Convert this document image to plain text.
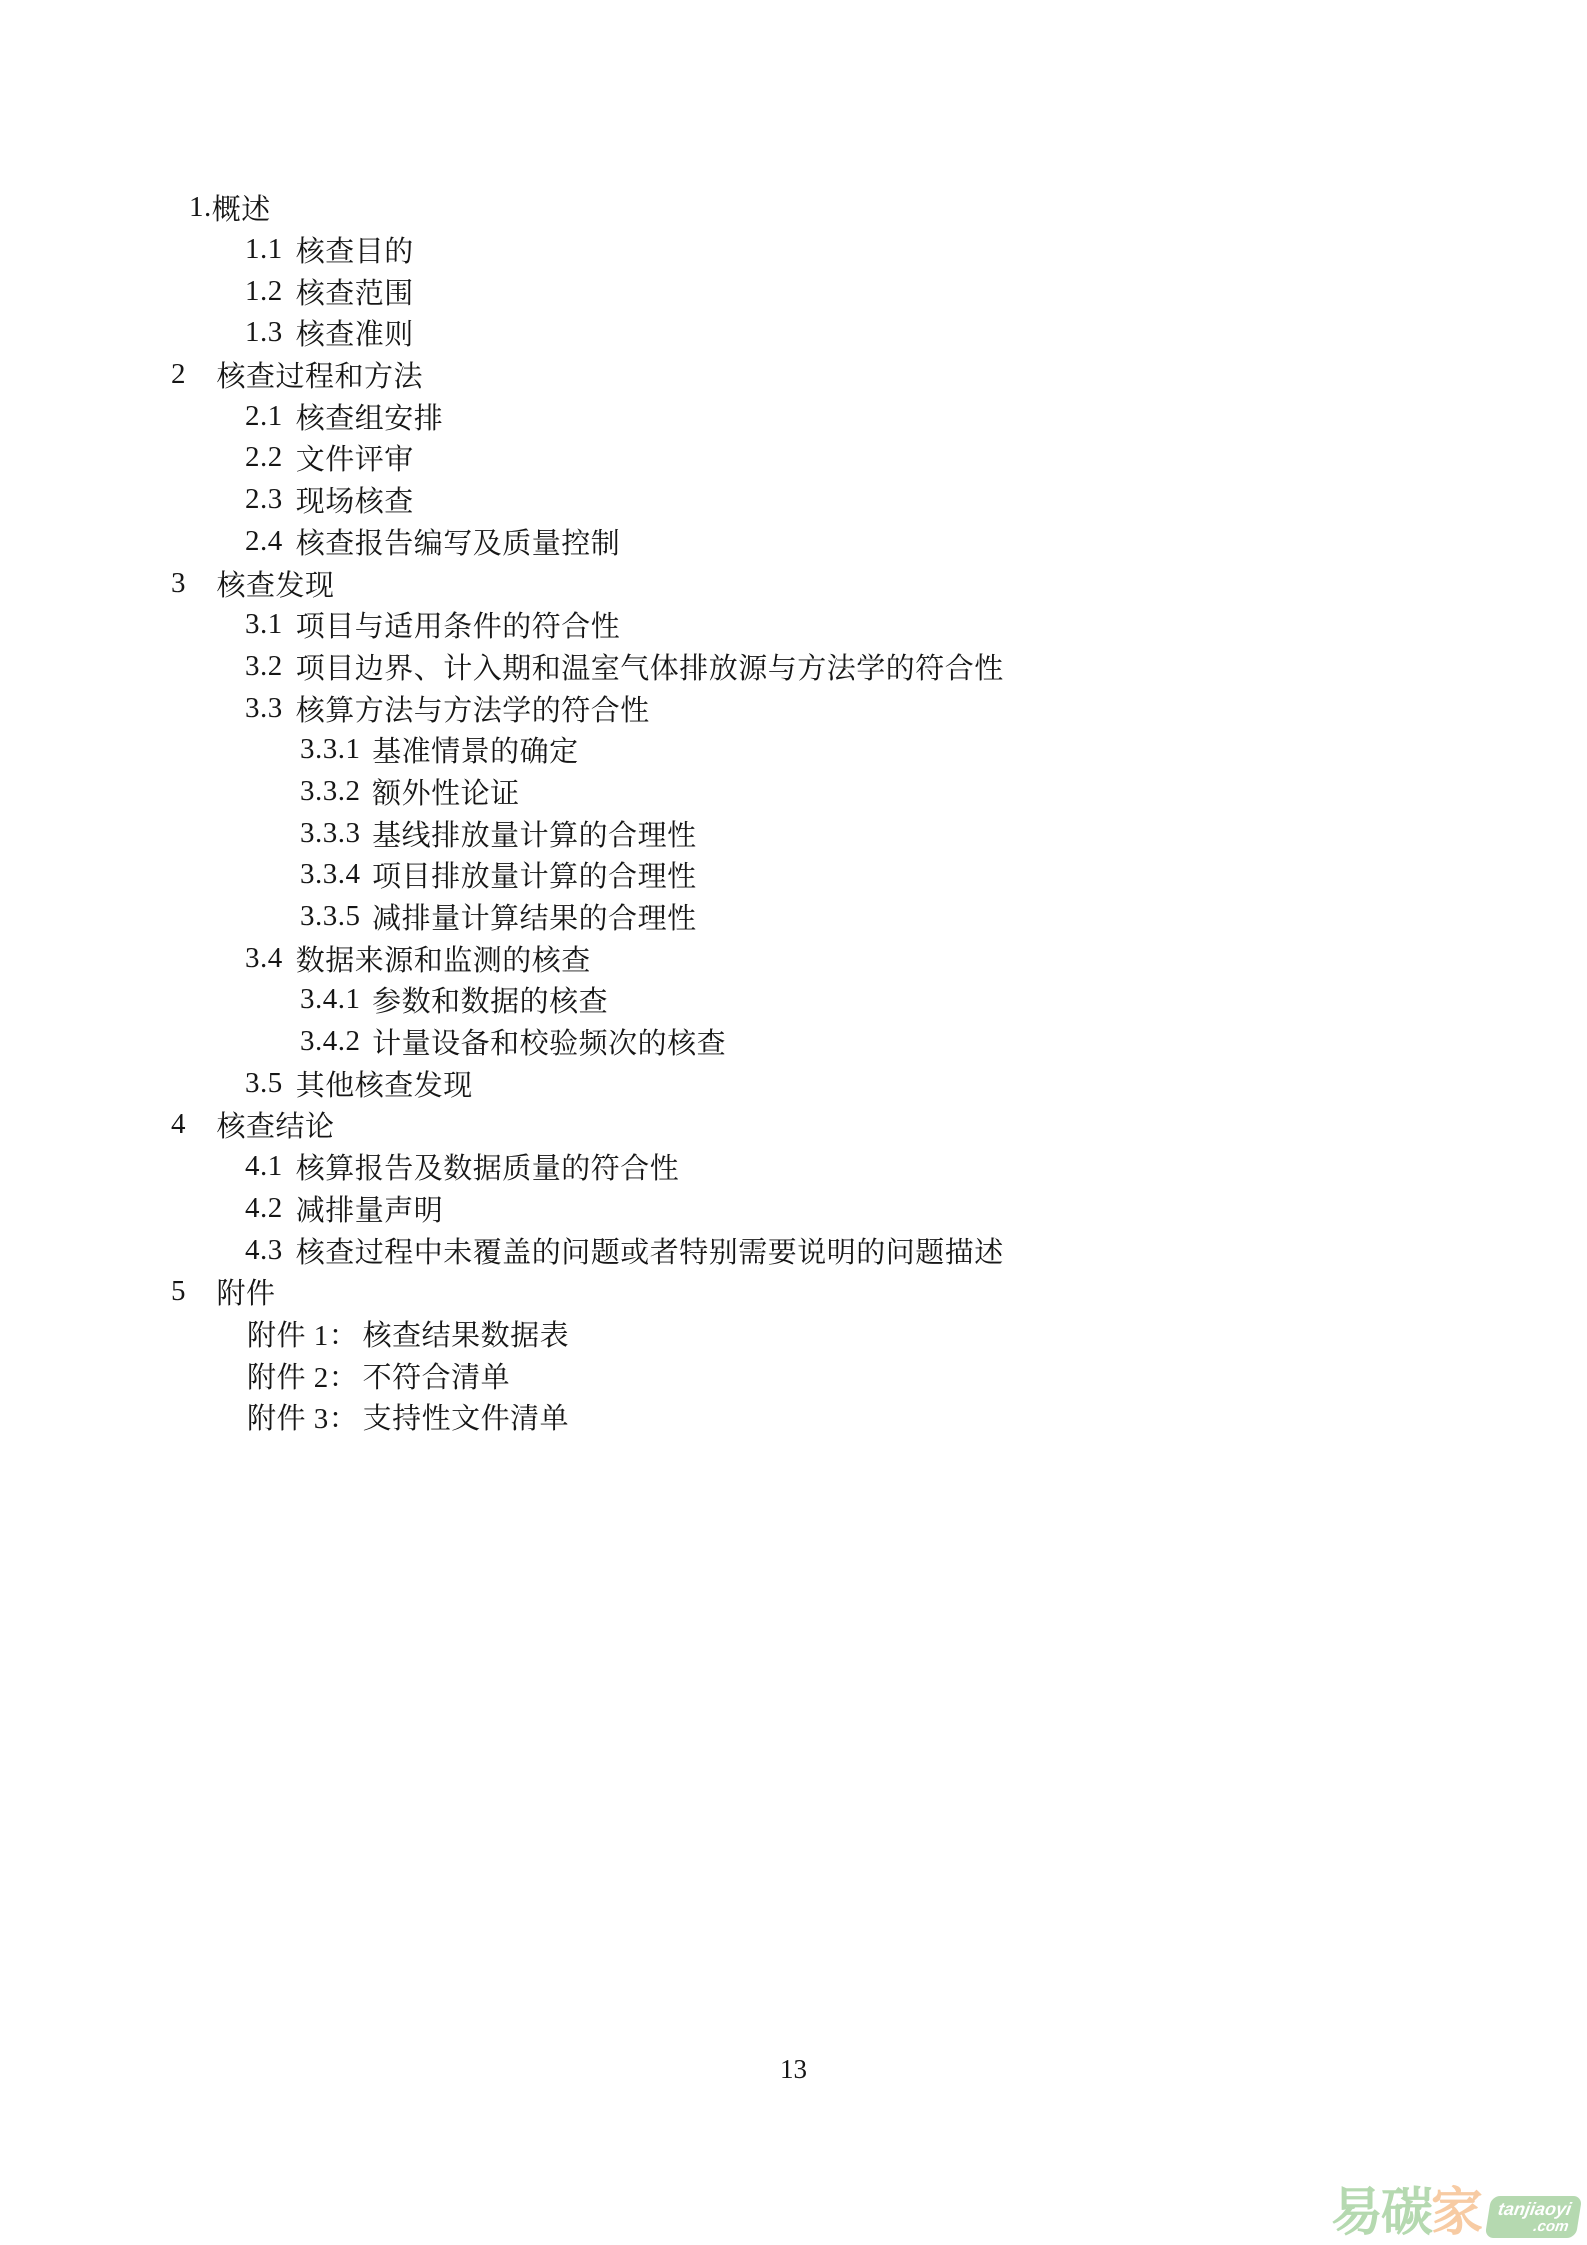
1. 概述
1.1 核查目的
1.2 核查范围
1.3 核查准则
2 核查过程和方法
2.1 核查组安排
2.2 文件评审
2.3 现场核查
2.4 核查报告编写及质量控制
3 核查发现
3.1 项目与适用条件的符合性
3.2 项目边界、计入期和温室气体排放源与方法学的符合性
3.3 核算方法与方法学的符合性
3.3.1 基准情景的确定
3.3.2 额外性论证
3.3.3 基线排放量计算的合理性
3.3.4 项目排放量计算的合理性
3.3.5 减排量计算结果的合理性
3.4 数据来源和监测的核查
3.4.1 参数和数据的核查
3.4.2 计量设备和校验频次的核查
3.5 其他核查发现
4 核查结论
4.1 核算报告及数据质量的符合性
4.2 减排量声明
4.3 核查过程中未覆盖的问题或者特别需要说明的问题描述
5 附件
附件 1： 核查结果数据表
附件 2： 不符合清单
附件 3： 支持性文件清单
13
易 碳 家 tanjiaoyi
.com
